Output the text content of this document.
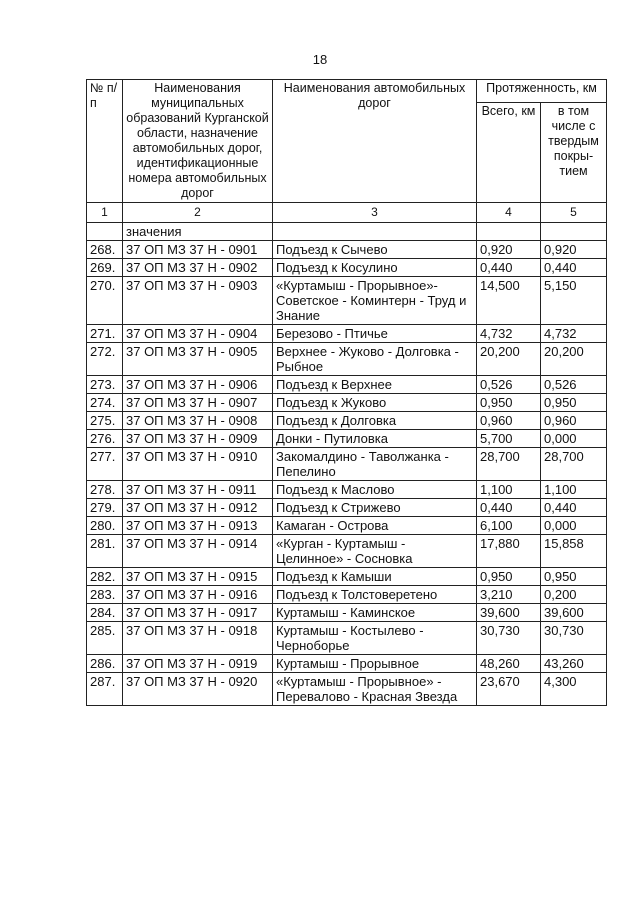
18
№ п/п	Наименования муниципальных образований Курганской области, назначение автомобильных дорог, идентификационные номера автомобильных дорог	Наименования автомобильных дорог	Протяженность, км	
			Всего, км	в том числе с твердым покры-тием
1	2	3	4	5
	значения			
268.	37 ОП МЗ 37 Н - 0901	Подъезд к Сычево	0,920	0,920
269.	37 ОП МЗ 37 Н - 0902	Подъезд к Косулино	0,440	0,440
270.	37 ОП МЗ 37 Н - 0903	«Куртамыш - Прорывное»-Советское - Коминтерн - Труд и Знание	14,500	5,150
271.	37 ОП МЗ 37 Н - 0904	Березово - Птичье	4,732	4,732
272.	37 ОП МЗ 37 Н - 0905	Верхнее - Жуково - Долговка - Рыбное	20,200	20,200
273.	37 ОП МЗ 37 Н - 0906	Подъезд к Верхнее	0,526	0,526
274.	37 ОП МЗ 37 Н - 0907	Подъезд к Жуково	0,950	0,950
275.	37 ОП МЗ 37 Н - 0908	Подъезд к Долговка	0,960	0,960
276.	37 ОП МЗ 37 Н - 0909	Донки - Путиловка	5,700	0,000
277.	37 ОП МЗ 37 Н - 0910	Закомалдино - Таволжанка - Пепелино	28,700	28,700
278.	37 ОП МЗ 37 Н - 0911	Подъезд к Маслово	1,100	1,100
279.	37 ОП МЗ 37 Н - 0912	Подъезд к Стрижево	0,440	0,440
280.	37 ОП МЗ 37 Н - 0913	Камаган - Острова	6,100	0,000
281.	37 ОП МЗ 37 Н - 0914	«Курган - Куртамыш - Целинное» - Сосновка	17,880	15,858
282.	37 ОП МЗ 37 Н - 0915	Подъезд к Камыши	0,950	0,950
283.	37 ОП МЗ 37 Н - 0916	Подъезд к Толстоверетено	3,210	0,200
284.	37 ОП МЗ 37 Н - 0917	Куртамыш - Каминское	39,600	39,600
285.	37 ОП МЗ 37 Н - 0918	Куртамыш - Костылево - Черноборье	30,730	30,730
286.	37 ОП МЗ 37 Н - 0919	Куртамыш - Прорывное	48,260	43,260
287.	37 ОП МЗ 37 Н - 0920	«Куртамыш - Прорывное» - Перевалово - Красная Звезда	23,670	4,300
